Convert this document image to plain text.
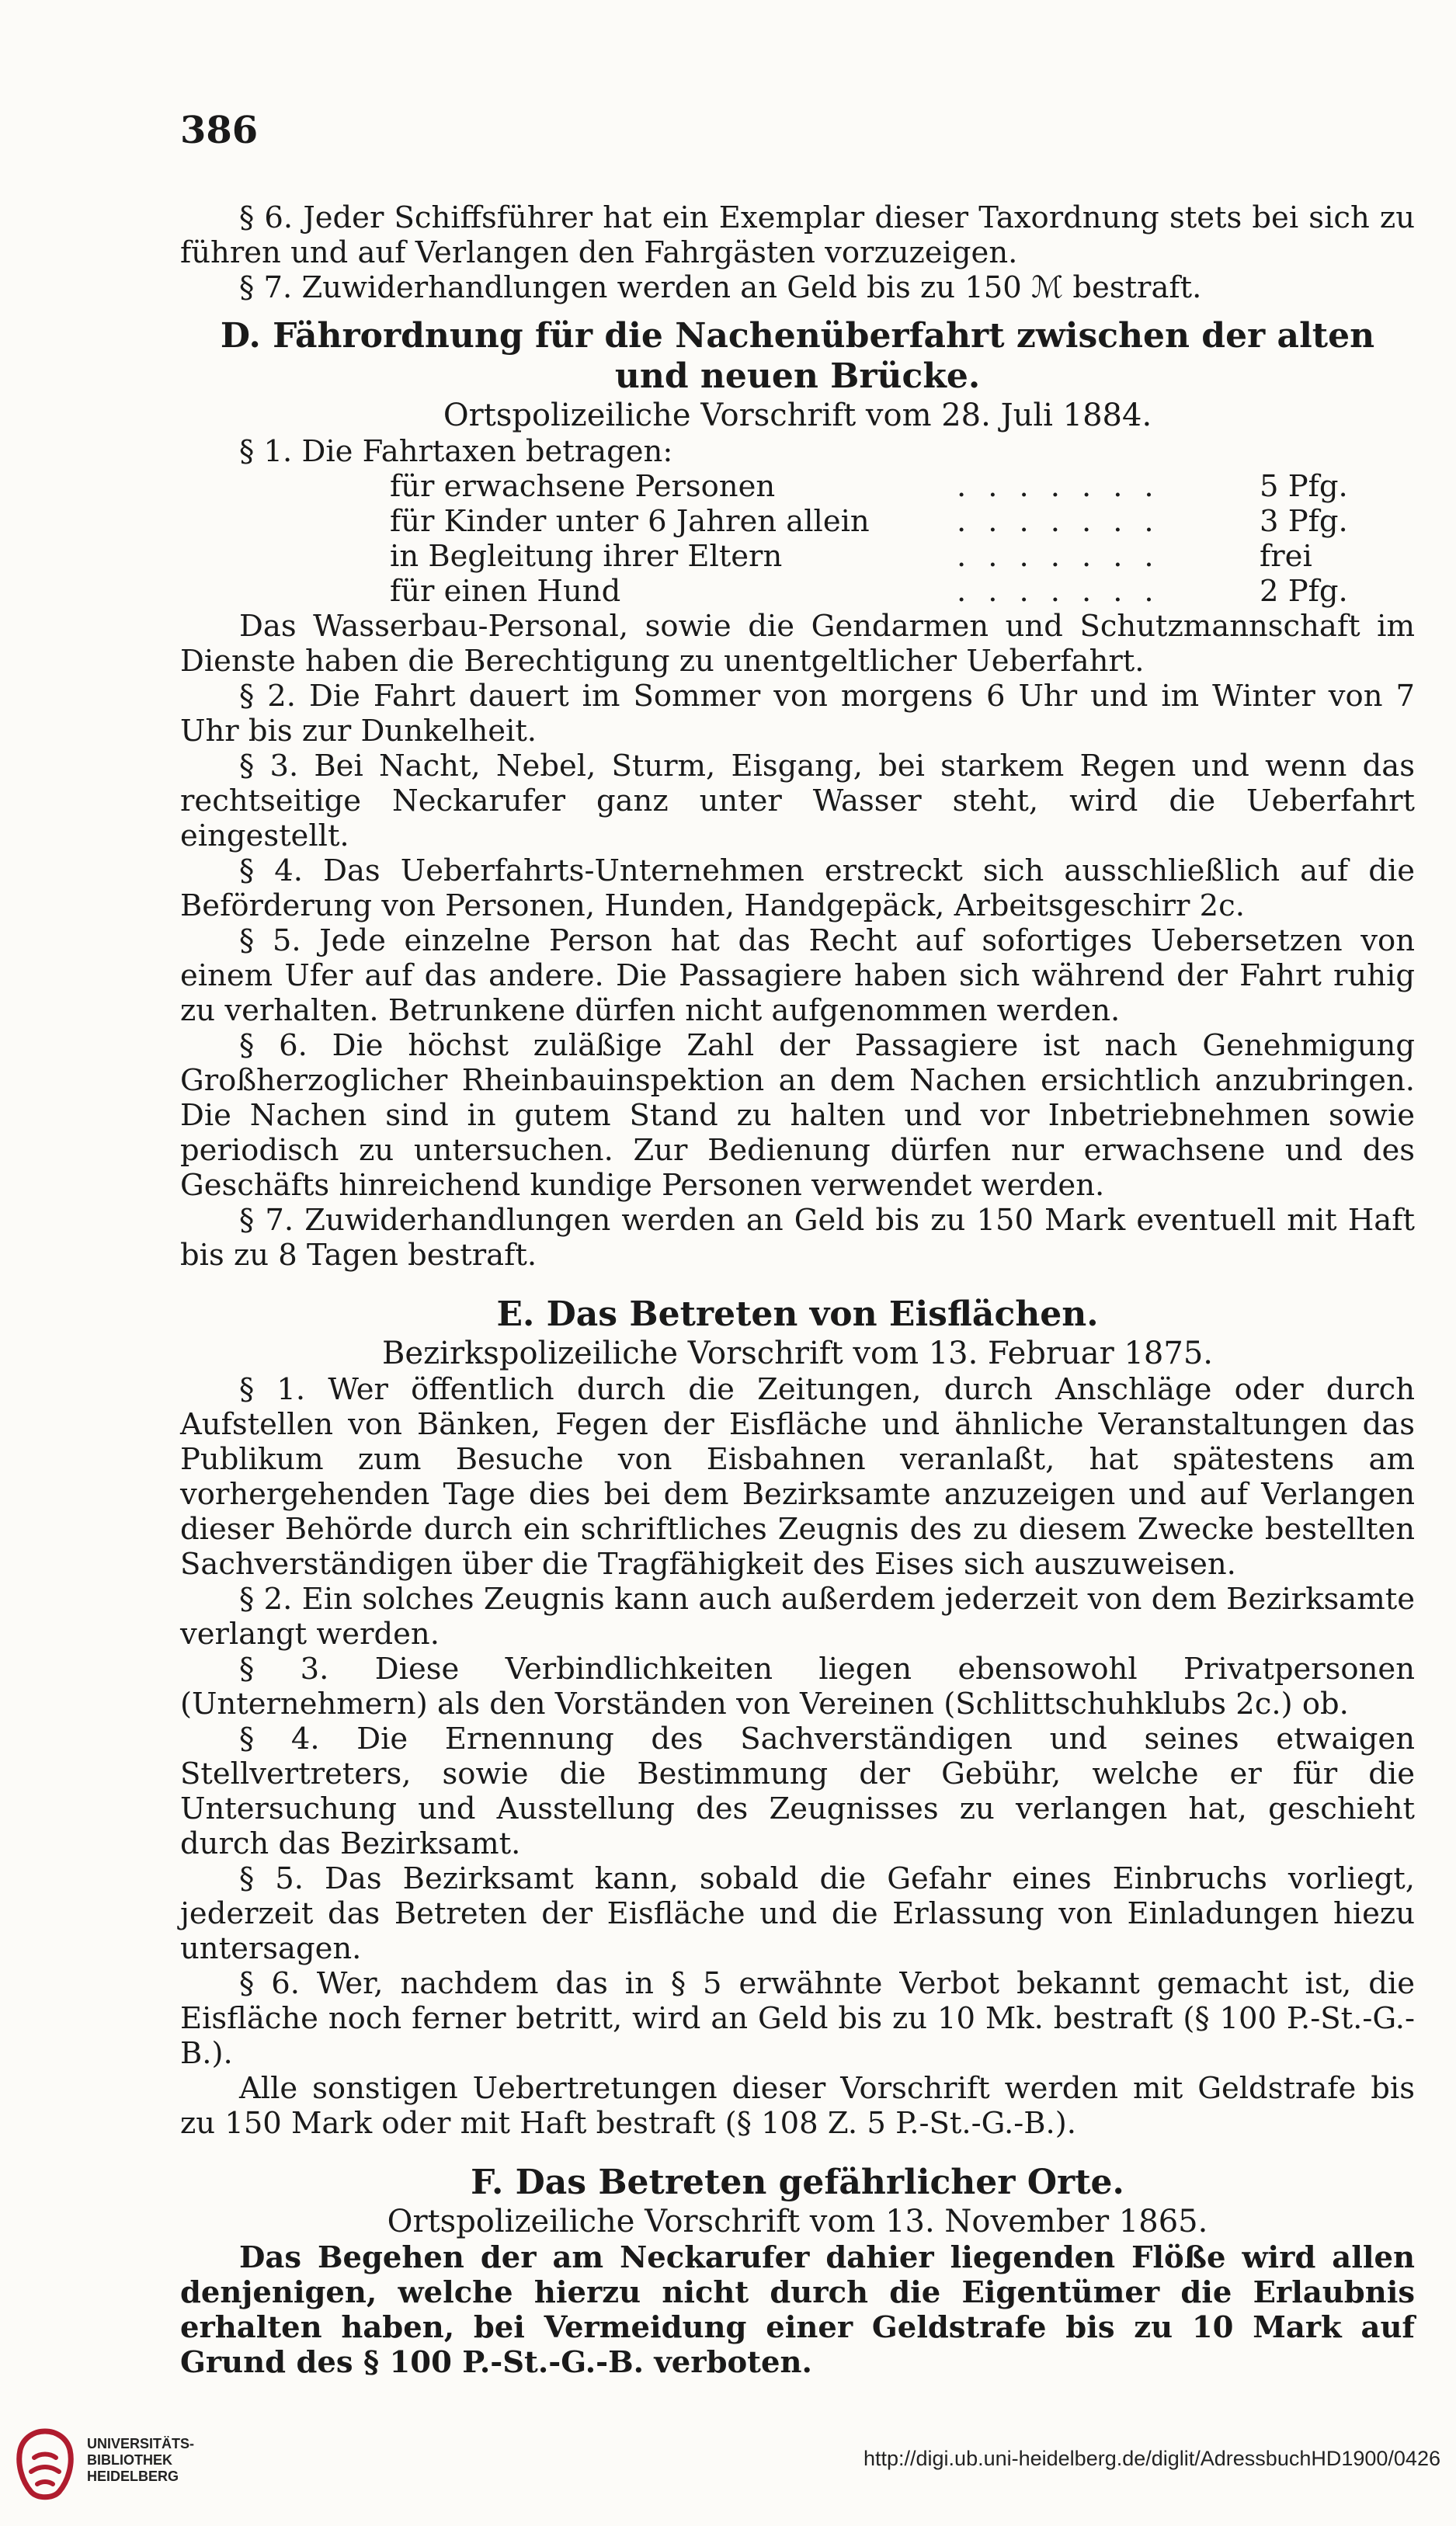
386

§ 6. Jeder Schiffsführer hat ein Exemplar dieser Taxordnung stets bei sich zu führen und auf Verlangen den Fahrgästen vorzuzeigen.

§ 7. Zuwiderhandlungen werden an Geld bis zu 150 ℳ bestraft.

D. Fährordnung für die Nachenüberfahrt zwischen der alten und neuen Brücke.

Ortspolizeiliche Vorschrift vom 28. Juli 1884.

§ 1. Die Fahrtaxen betragen:

für erwachsene Personen	.......	5 Pfg.
für Kinder unter 6 Jahren allein	.......	3 Pfg.
in Begleitung ihrer Eltern	.......	frei
für einen Hund	.......	2 Pfg.

Das Wasserbau-Personal, sowie die Gendarmen und Schutzmannschaft im Dienste haben die Berechtigung zu unentgeltlicher Ueberfahrt.

§ 2. Die Fahrt dauert im Sommer von morgens 6 Uhr und im Winter von 7 Uhr bis zur Dunkelheit.

§ 3. Bei Nacht, Nebel, Sturm, Eisgang, bei starkem Regen und wenn das rechtseitige Neckarufer ganz unter Wasser steht, wird die Ueberfahrt eingestellt.

§ 4. Das Ueberfahrts-Unternehmen erstreckt sich ausschließlich auf die Beförderung von Personen, Hunden, Handgepäck, Arbeitsgeschirr 2c.

§ 5. Jede einzelne Person hat das Recht auf sofortiges Uebersetzen von einem Ufer auf das andere. Die Passagiere haben sich während der Fahrt ruhig zu verhalten. Betrunkene dürfen nicht aufgenommen werden.

§ 6. Die höchst zuläßige Zahl der Passagiere ist nach Genehmigung Großherzoglicher Rheinbauinspektion an dem Nachen ersichtlich anzubringen. Die Nachen sind in gutem Stand zu halten und vor Inbetriebnehmen sowie periodisch zu untersuchen. Zur Bedienung dürfen nur erwachsene und des Geschäfts hinreichend kundige Personen verwendet werden.

§ 7. Zuwiderhandlungen werden an Geld bis zu 150 Mark eventuell mit Haft bis zu 8 Tagen bestraft.

E. Das Betreten von Eisflächen.

Bezirkspolizeiliche Vorschrift vom 13. Februar 1875.

§ 1. Wer öffentlich durch die Zeitungen, durch Anschläge oder durch Aufstellen von Bänken, Fegen der Eisfläche und ähnliche Veranstaltungen das Publikum zum Besuche von Eisbahnen veranlaßt, hat spätestens am vorhergehenden Tage dies bei dem Bezirksamte anzuzeigen und auf Verlangen dieser Behörde durch ein schriftliches Zeugnis des zu diesem Zwecke bestellten Sachverständigen über die Tragfähigkeit des Eises sich auszuweisen.

§ 2. Ein solches Zeugnis kann auch außerdem jederzeit von dem Bezirksamte verlangt werden.

§ 3. Diese Verbindlichkeiten liegen ebensowohl Privatpersonen (Unternehmern) als den Vorständen von Vereinen (Schlittschuhklubs 2c.) ob.

§ 4. Die Ernennung des Sachverständigen und seines etwaigen Stellvertreters, sowie die Bestimmung der Gebühr, welche er für die Untersuchung und Ausstellung des Zeugnisses zu verlangen hat, geschieht durch das Bezirksamt.

§ 5. Das Bezirksamt kann, sobald die Gefahr eines Einbruchs vorliegt, jederzeit das Betreten der Eisfläche und die Erlassung von Einladungen hiezu untersagen.

§ 6. Wer, nachdem das in § 5 erwähnte Verbot bekannt gemacht ist, die Eisfläche noch ferner betritt, wird an Geld bis zu 10 Mk. bestraft (§ 100 P.-St.-G.-B.).

Alle sonstigen Uebertretungen dieser Vorschrift werden mit Geldstrafe bis zu 150 Mark oder mit Haft bestraft (§ 108 Z. 5 P.-St.-G.-B.).

F. Das Betreten gefährlicher Orte.

Ortspolizeiliche Vorschrift vom 13. November 1865.

Das Begehen der am Neckarufer dahier liegenden Flöße wird allen denjenigen, welche hierzu nicht durch die Eigentümer die Erlaubnis erhalten haben, bei Vermeidung einer Geldstrafe bis zu 10 Mark auf Grund des § 100 P.-St.-G.-B. verboten.

UNIVERSITÄTS-
BIBLIOTHEK
HEIDELBERG
http://digi.ub.uni-heidelberg.de/diglit/AdressbuchHD1900/0426
